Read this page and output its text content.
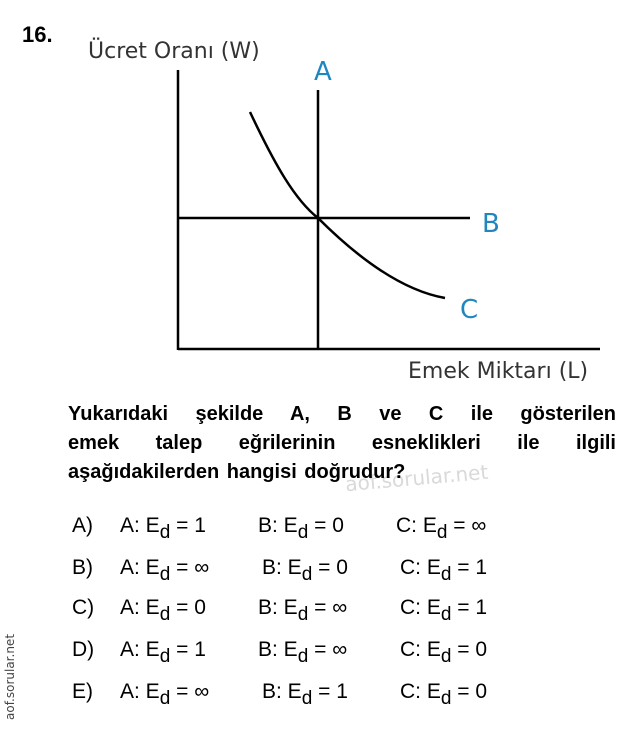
16.
Ücret Oranı (W)
A
B
C
Emek Miktarı (L)
aof.sorular.net
Yukarıdaki şekilde A, B ve C ile gösterilen
emek talep eğrilerinin esneklikleri ile ilgili
aşağıdakilerden hangisi doğrudur?
aof.sorular.net
A) A: $E_d = 1$ B: $E_d = 0$ C: $E_d$ = ∞
B) A: $E_d$ = ∞	B: $E_d = 0$ C: $E_d = 1$
C) A: $E_d = 0$ B: $E_d$ = ∞	C: $E_d = 1$
D) A: $E_d = 1$ B: $E_d$ = ∞	C: $E_d = 0$
E) A: $E_d$ = ∞	B: $E_d = 1$ C: $E_d = 0$
